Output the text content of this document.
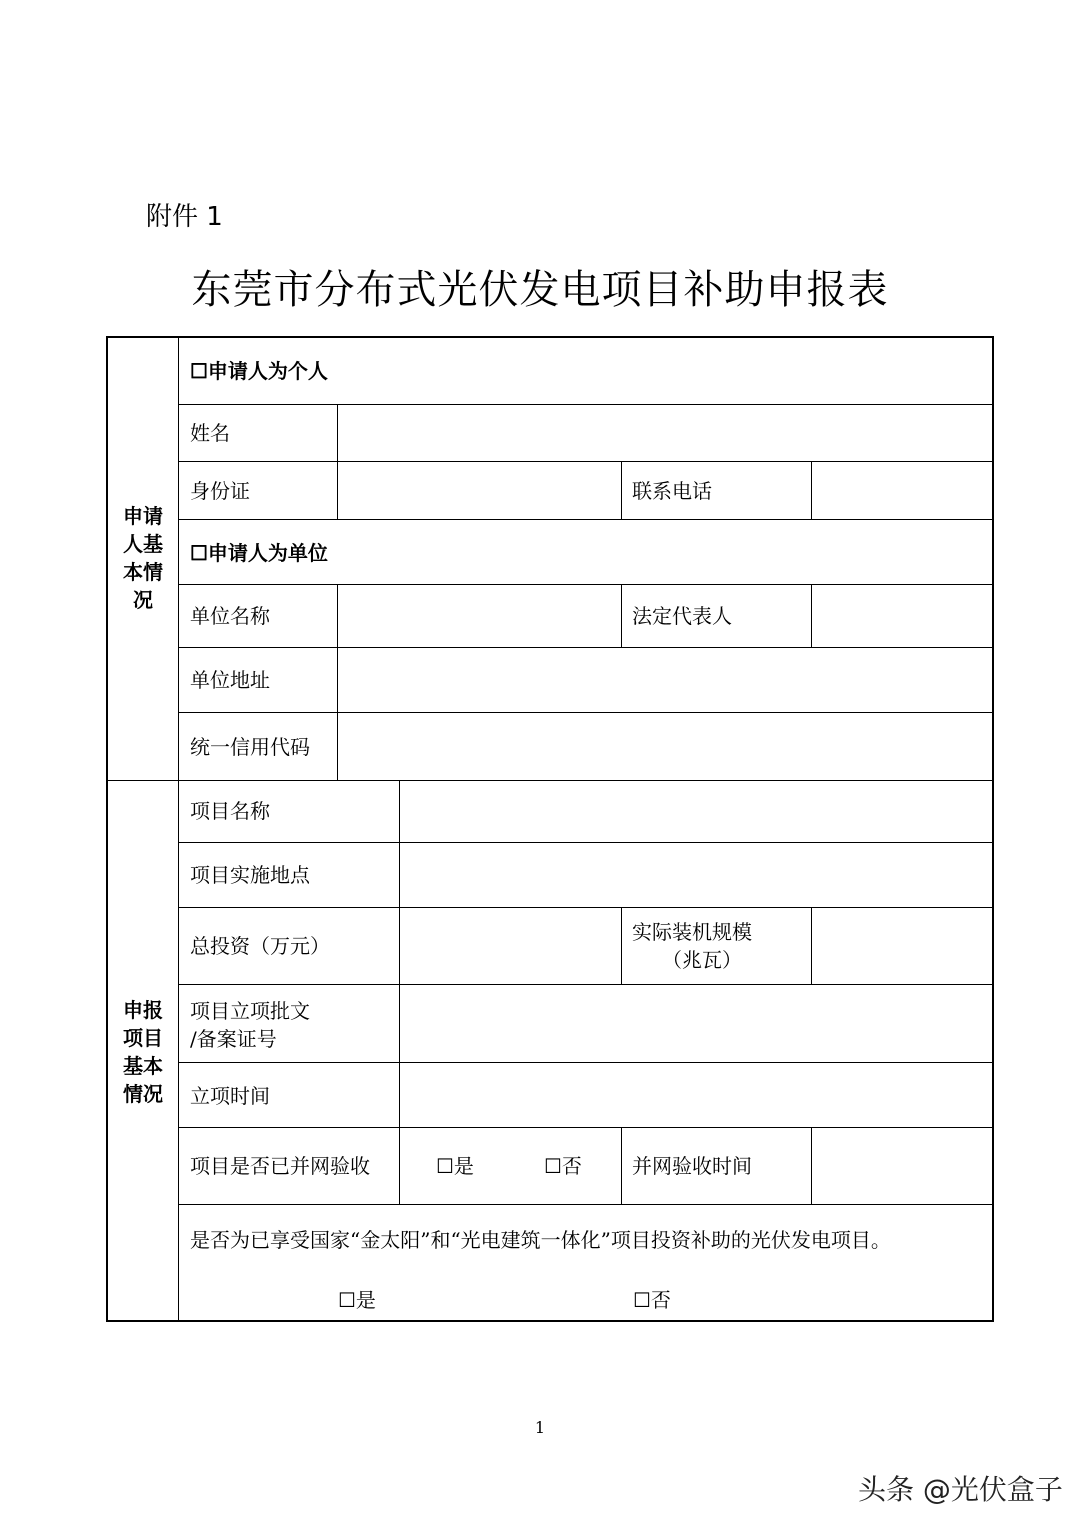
附件 1
东莞市分布式光伏发电项目补助申报表
申请
人基
本情
况
☐申请人为个人
姓名
身份证	联系电话
☐申请人为单位
单位名称	法定代表人
单位地址
统一信用代码
申报
项目
基本
情况
项目名称
项目实施地点
总投资（万元）
实际装机规模
（兆瓦）
项目立项批文
/备案证号
立项时间
项目是否已并网验收	☐是	☐否	并网验收时间
是否为已享受国家“金太阳”和“光电建筑一体化”项目投资补助的光伏发电项目。
☐是	☐否
1
头条 @光伏盒子
